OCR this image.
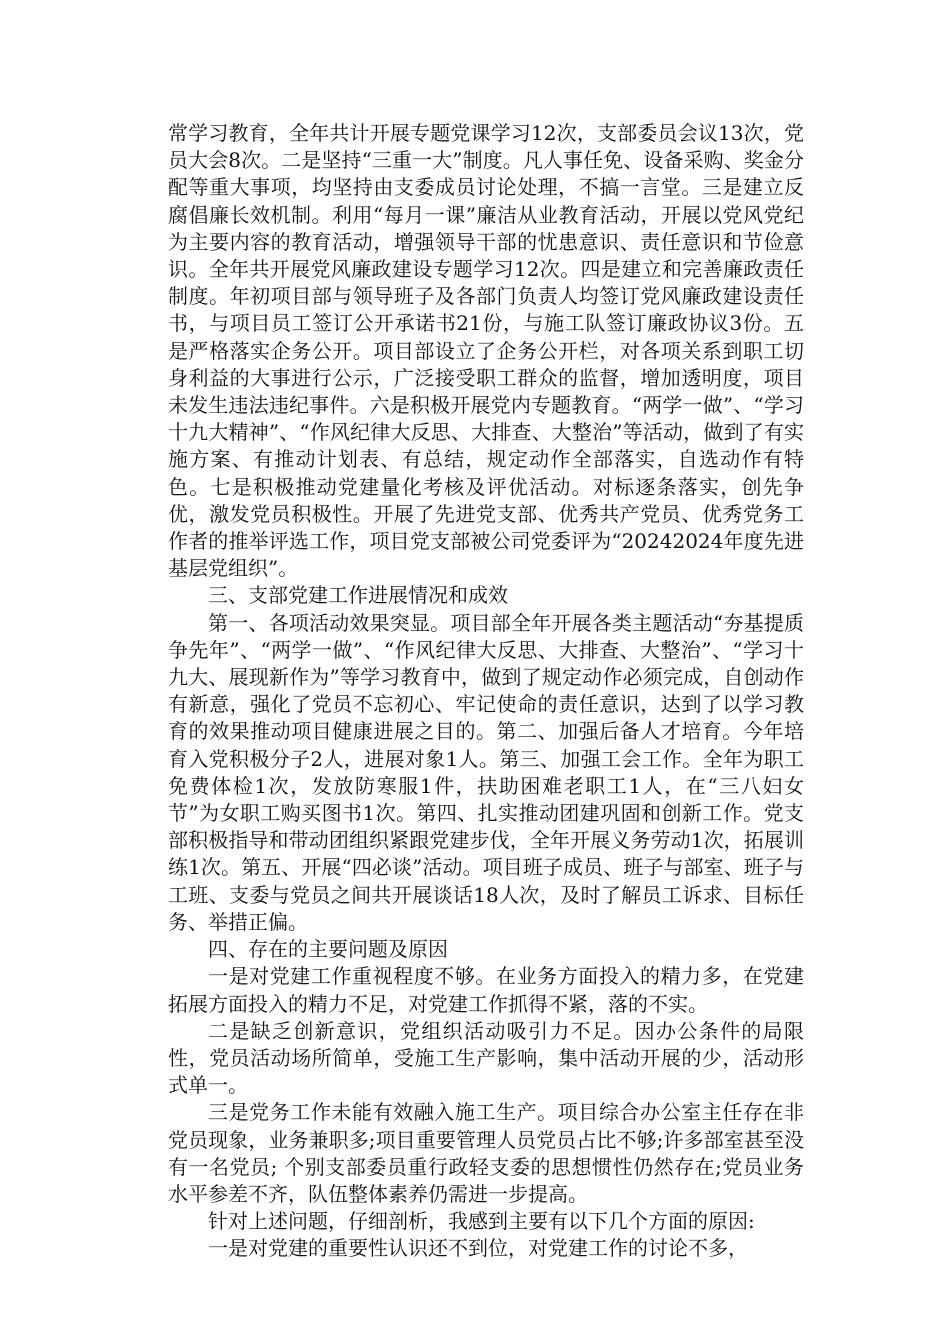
常学习教育，全年共计开展专题党课学习12次，支部委员会议13次，党员大会8次。二是坚持“三重一大”制度。凡人事任免、设备采购、奖金分配等重大事项，均坚持由支委成员讨论处理，不搞一言堂。三是建立反腐倡廉长效机制。利用“每月一课”廉洁从业教育活动，开展以党风党纪为主要内容的教育活动，增强领导干部的忧患意识、责任意识和节俭意识。全年共开展党风廉政建设专题学习12次。四是建立和完善廉政责任制度。年初项目部与领导班子及各部门负责人均签订党风廉政建设责任书，与项目员工签订公开承诺书21份，与施工队签订廉政协议3份。五是严格落实企务公开。项目部设立了企务公开栏，对各项关系到职工切身利益的大事进行公示，广泛接受职工群众的监督，增加透明度，项目未发生违法违纪事件。六是积极开展党内专题教育。“两学一做”、“学习十九大精神”、“作风纪律大反思、大排查、大整治”等活动，做到了有实施方案、有推动计划表、有总结，规定动作全部落实，自选动作有特色。七是积极推动党建量化考核及评优活动。对标逐条落实，创先争优，激发党员积极性。开展了先进党支部、优秀共产党员、优秀党务工作者的推举评选工作，项目党支部被公司党委评为“20242024年度先进基层党组织”。

三、支部党建工作进展情况和成效

第一、各项活动效果突显。项目部全年开展各类主题活动“夯基提质争先年”、“两学一做”、“作风纪律大反思、大排查、大整治”、“学习十九大、展现新作为”等学习教育中，做到了规定动作必须完成，自创动作有新意，强化了党员不忘初心、牢记使命的责任意识，达到了以学习教育的效果推动项目健康进展之目的。第二、加强后备人才培育。今年培育入党积极分子2人，进展对象1人。第三、加强工会工作。全年为职工免费体检1次，发放防寒服1件，扶助困难老职工1人，在“三八妇女节”为女职工购买图书1次。第四、扎实推动团建巩固和创新工作。党支部积极指导和带动团组织紧跟党建步伐，全年开展义务劳动1次，拓展训练1次。第五、开展“四必谈”活动。项目班子成员、班子与部室、班子与工班、支委与党员之间共开展谈话18人次，及时了解员工诉求、目标任务、举措正偏。

四、存在的主要问题及原因

一是对党建工作重视程度不够。在业务方面投入的精力多，在党建拓展方面投入的精力不足，对党建工作抓得不紧，落的不实。

二是缺乏创新意识，党组织活动吸引力不足。因办公条件的局限性，党员活动场所简单，受施工生产影响，集中活动开展的少，活动形式单一。

三是党务工作未能有效融入施工生产。项目综合办公室主任存在非党员现象，业务兼职多;项目重要管理人员党员占比不够;许多部室甚至没有一名党员; 个别支部委员重行政轻支委的思想惯性仍然存在;党员业务水平参差不齐，队伍整体素养仍需进一步提高。

针对上述问题，仔细剖析，我感到主要有以下几个方面的原因:

一是对党建的重要性认识还不到位，对党建工作的讨论不多，
